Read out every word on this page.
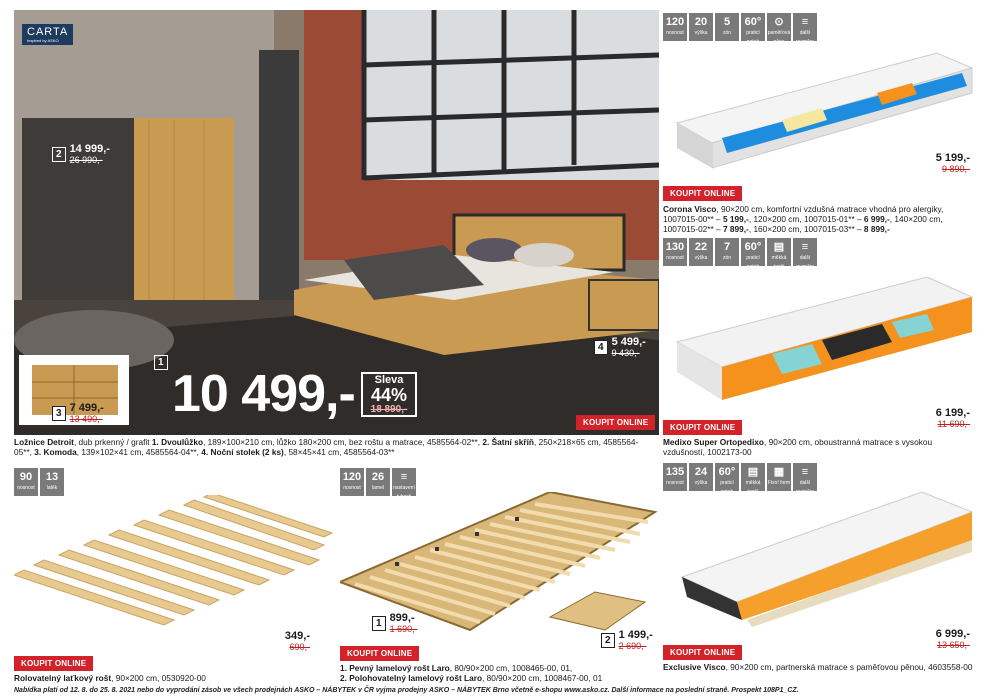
CARTA
Inspired by ASKO
2 14 999,-
26 990,-
1
3 7 499,-
13 490,-
4 5 499,-
9 430,-
10 499,-	Sleva
44%
18 890,-
KOUPIT ONLINE
Ložnice Detroit, dub prkenný / grafit 1. Dvoulůžko, 189×100×210 cm, lůžko 180×200 cm, bez roštu a matrace, 4585564-02**, 2. Šatní skříň, 250×218×65 cm, 4585564-05**, 3. Komoda, 139×102×41 cm, 4585564-04**, 4. Noční stolek (2 ks), 58×45×41 cm, 4585564-03**
90
nosnost
13
latěk
120
nosnost
26
lamel
≡
nastavení tuhosti
120
nosnost
20
výška
5
zón
60°
praticí potah
⊙
paměťová pěna
≡
další rozměry
130
nosnost
22
výška
7
zón
60°
praticí potah
▤
měkká tvrdá
≡
další rozměry
135
nosnost
24
výška
60°
praticí potah
▤
měkká tvrdá
▦
Fixní form
≡
další rozměry
349,-
690,-
KOUPIT ONLINE
Rolovatelný laťkový rošt, 90×200 cm, 0530920-00
1 899,-
1 690,-
2 1 499,-
2 690,-
KOUPIT ONLINE
1. Pevný lamelový rošt Laro, 80/90×200 cm, 1008465-00, 01,
2. Polohovatelný lamelový rošt Laro, 80/90×200 cm, 1008467-00, 01
5 199,-
9 890,-
KOUPIT ONLINE
Corona Visco, 90×200 cm, komfortní vzdušná matrace vhodná pro alergiky, 1007015-00** – 5 199,-, 120×200 cm, 1007015-01** – 6 999,-, 140×200 cm, 1007015-02** – 7 899,-, 160×200 cm, 1007015-03** – 8 899,-
6 199,-
11 690,-
KOUPIT ONLINE
Medixo Super Ortopedixo, 90×200 cm, oboustranná matrace s vysokou vzdušností, 1002173-00
6 999,-
13 650,-
KOUPIT ONLINE
Exclusive Visco, 90×200 cm, partnerská matrace s paměťovou pěnou, 4603558-00
Nabídka platí od 12. 8. do 25. 8. 2021 nebo do vyprodání zásob ve všech prodejnách ASKO – NÁBYTEK v ČR vyjma prodejny ASKO – NÁBYTEK Brno včetně e-shopu www.asko.cz. Další informace na poslední straně. Prospekt 108P1_CZ.
